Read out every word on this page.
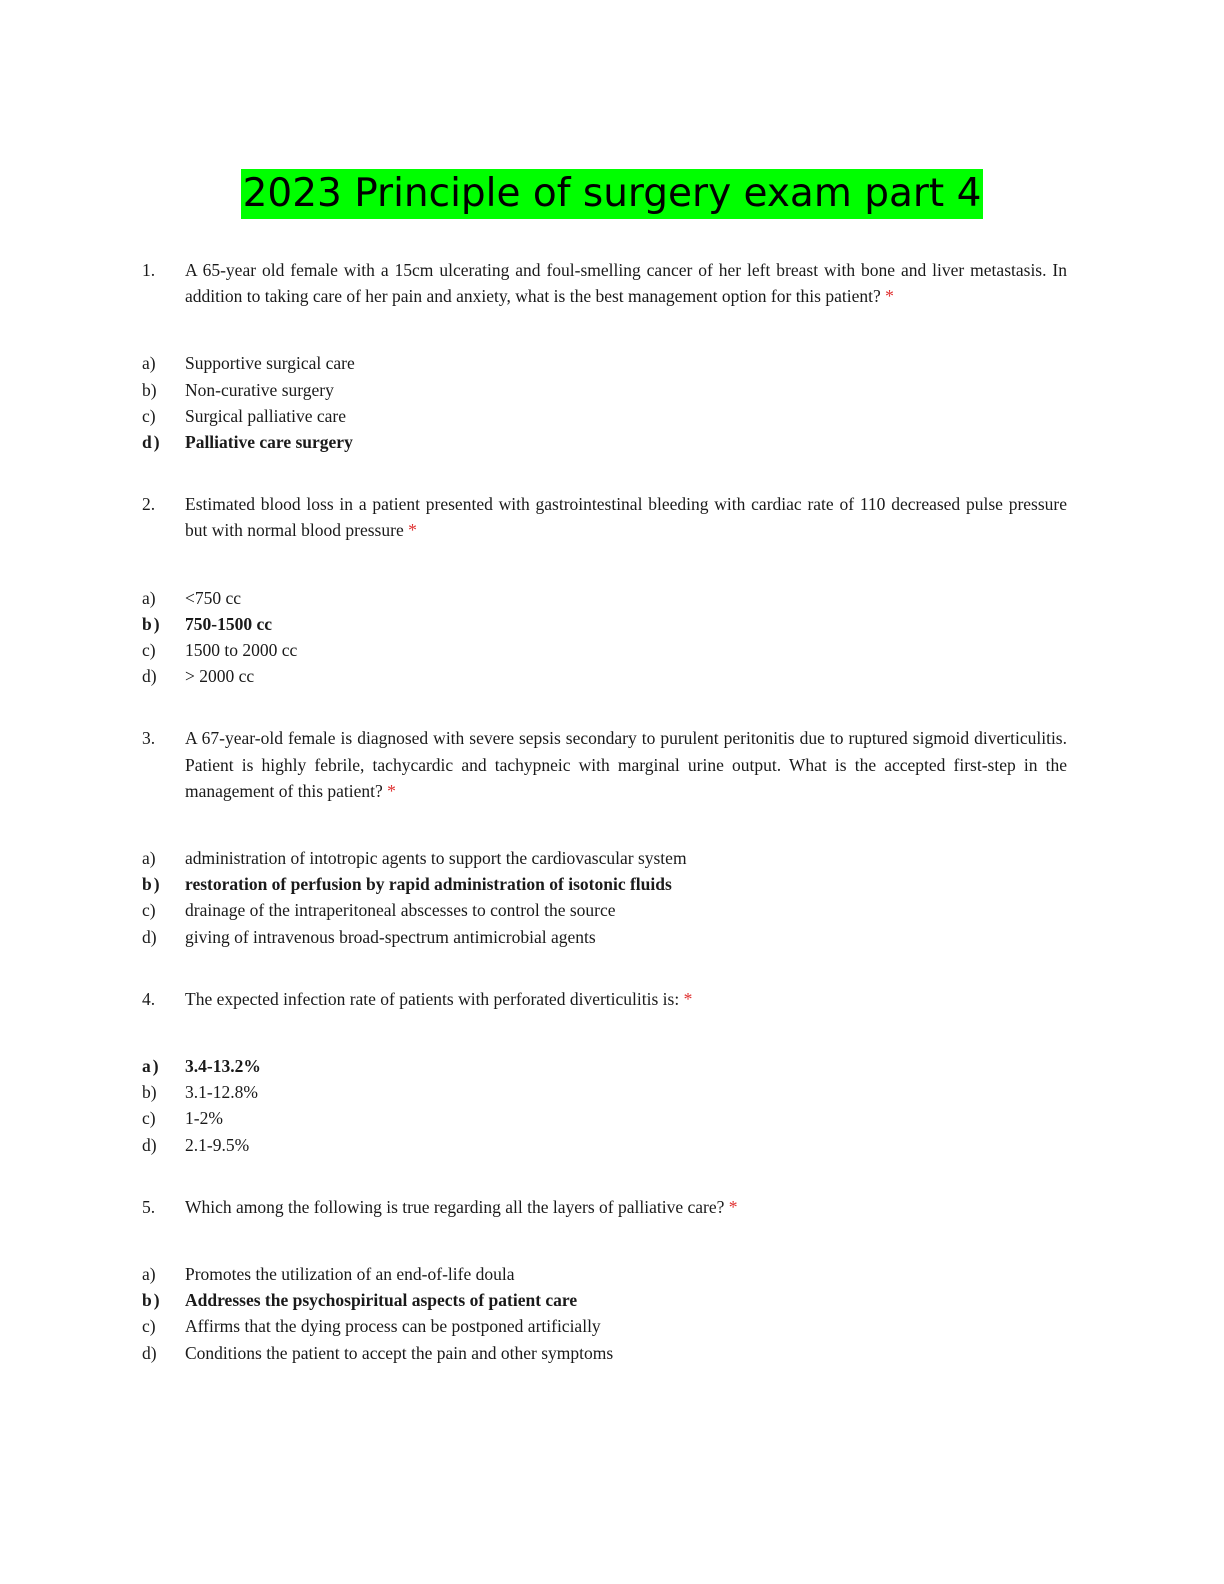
2023 Principle of surgery exam part 4
1.	A 65-year old female with a 15cm ulcerating and foul-smelling cancer of her left breast with bone and liver metastasis. In addition to taking care of her pain and anxiety, what is the best management option for this patient? *
a)	Supportive surgical care
b)	Non-curative surgery
c)	Surgical palliative care
d)	Palliative care surgery
2.	Estimated blood loss in a patient presented with gastrointestinal bleeding with cardiac rate of 110 decreased pulse pressure but with normal blood pressure *
a)	<750 cc
b)	750-1500 cc
c)	1500 to 2000 cc
d)	> 2000 cc
3.	A 67-year-old female is diagnosed with severe sepsis secondary to purulent peritonitis due to ruptured sigmoid diverticulitis. Patient is highly febrile, tachycardic and tachypneic with marginal urine output. What is the accepted first-step in the management of this patient? *
a)	administration of intotropic agents to support the cardiovascular system
b)	restoration of perfusion by rapid administration of isotonic fluids
c)	drainage of the intraperitoneal abscesses to control the source
d)	giving of intravenous broad-spectrum antimicrobial agents
4.	The expected infection rate of patients with perforated diverticulitis is: *
a)	3.4-13.2%
b)	3.1-12.8%
c)	1-2%
d)	2.1-9.5%
5.	Which among the following is true regarding all the layers of palliative care? *
a)	Promotes the utilization of an end-of-life doula
b)	Addresses the psychospiritual aspects of patient care
c)	Affirms that the dying process can be postponed artificially
d)	Conditions the patient to accept the pain and other symptoms
